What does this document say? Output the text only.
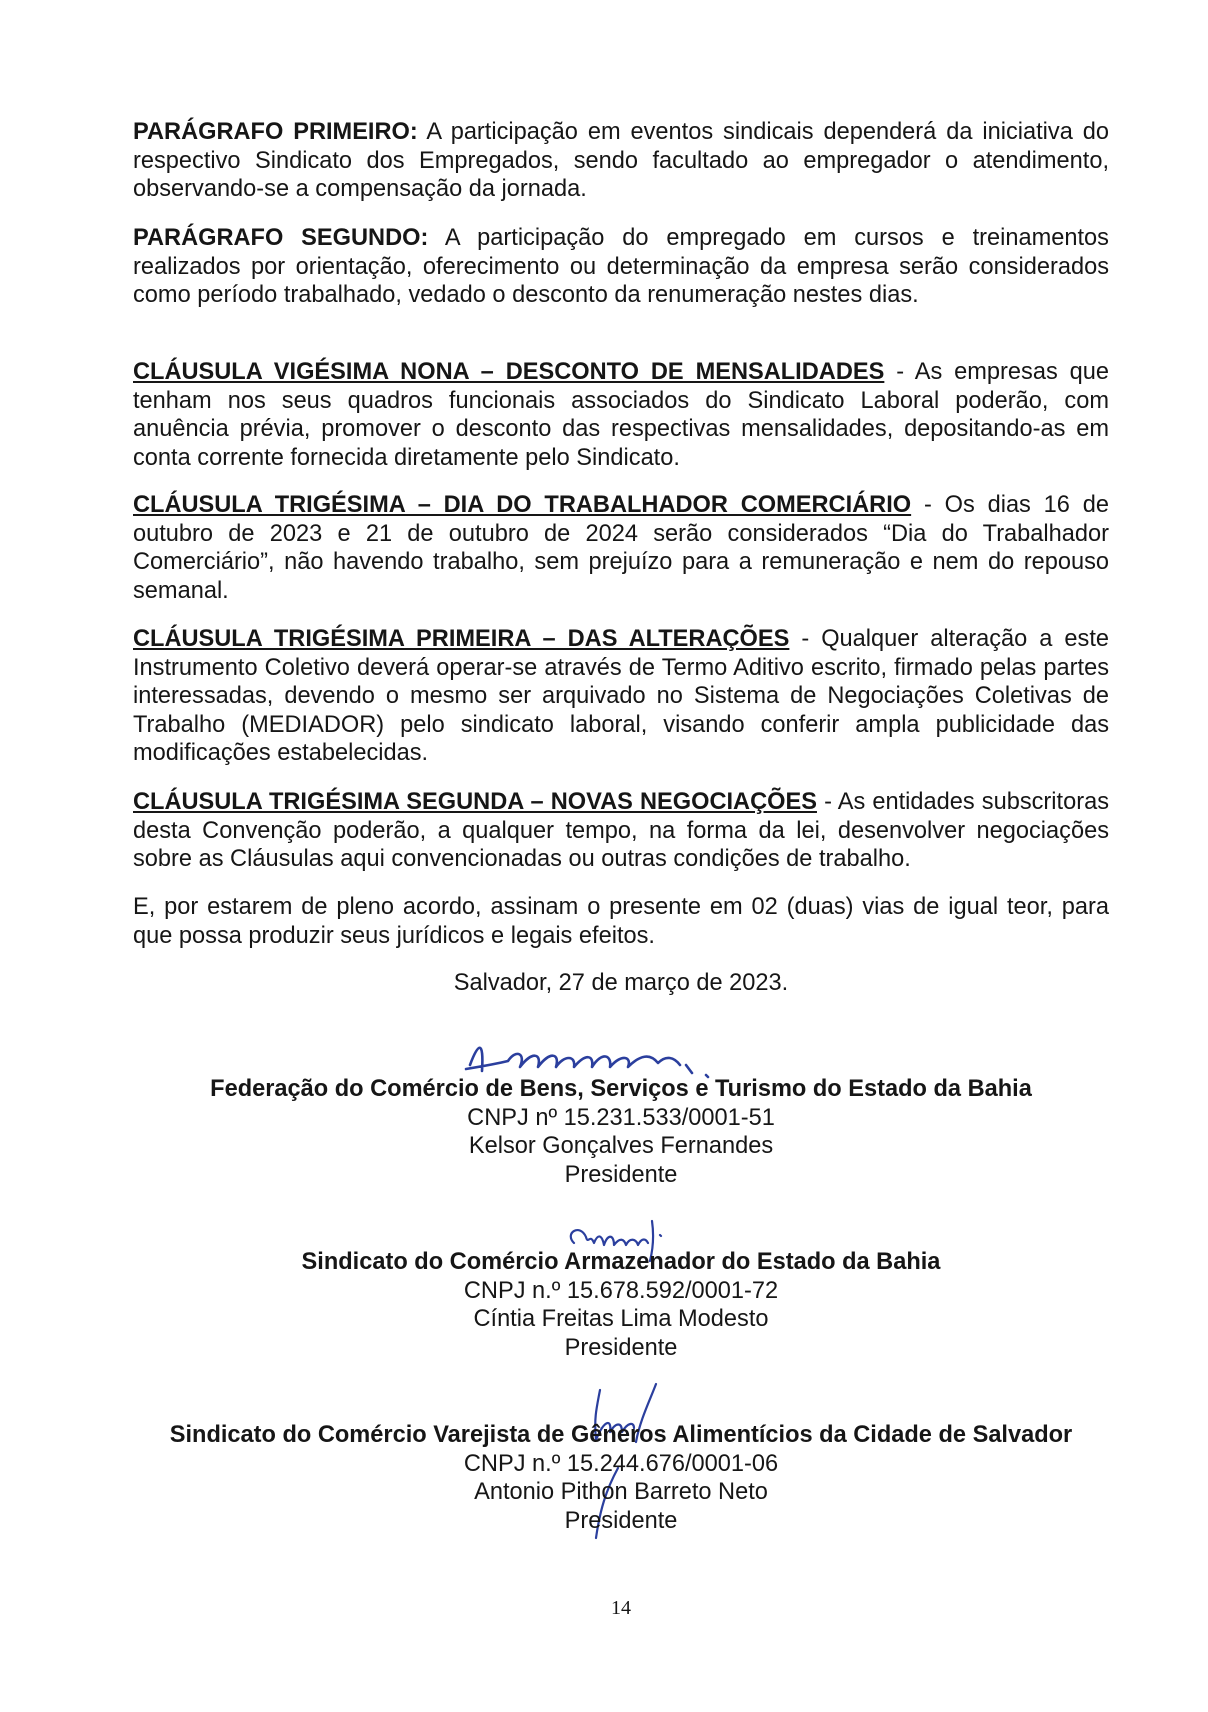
PARÁGRAFO PRIMEIRO: A participação em eventos sindicais dependerá da iniciativa do respectivo Sindicato dos Empregados, sendo facultado ao empregador o atendimento, observando-se a compensação da jornada.

PARÁGRAFO SEGUNDO: A participação do empregado em cursos e treinamentos realizados por orientação, oferecimento ou determinação da empresa serão considerados como período trabalhado, vedado o desconto da renumeração nestes dias.

CLÁUSULA VIGÉSIMA NONA – DESCONTO DE MENSALIDADES - As empresas que tenham nos seus quadros funcionais associados do Sindicato Laboral poderão, com anuência prévia, promover o desconto das respectivas mensalidades, depositando-as em conta corrente fornecida diretamente pelo Sindicato.

CLÁUSULA TRIGÉSIMA – DIA DO TRABALHADOR COMERCIÁRIO - Os dias 16 de outubro de 2023 e 21 de outubro de 2024 serão considerados “Dia do Trabalhador Comerciário”, não havendo trabalho, sem prejuízo para a remuneração e nem do repouso semanal.

CLÁUSULA TRIGÉSIMA PRIMEIRA – DAS ALTERAÇÕES - Qualquer alteração a este Instrumento Coletivo deverá operar-se através de Termo Aditivo escrito, firmado pelas partes interessadas, devendo o mesmo ser arquivado no Sistema de Negociações Coletivas de Trabalho (MEDIADOR) pelo sindicato laboral, visando conferir ampla publicidade das modificações estabelecidas.

CLÁUSULA TRIGÉSIMA SEGUNDA – NOVAS NEGOCIAÇÕES - As entidades subscritoras desta Convenção poderão, a qualquer tempo, na forma da lei, desenvolver negociações sobre as Cláusulas aqui convencionadas ou outras condições de trabalho.

E, por estarem de pleno acordo, assinam o presente em 02 (duas) vias de igual teor, para que possa produzir seus jurídicos e legais efeitos.

Salvador, 27 de março de 2023.

Federação do Comércio de Bens, Serviços e Turismo do Estado da Bahia
CNPJ nº 15.231.533/0001-51
Kelsor Gonçalves Fernandes
Presidente
Sindicato do Comércio Armazenador do Estado da Bahia
CNPJ n.º 15.678.592/0001-72
Cíntia Freitas Lima Modesto
Presidente
Sindicato do Comércio Varejista de Gêneros Alimentícios da Cidade de Salvador
CNPJ n.º 15.244.676/0001-06
Antonio Pithon Barreto Neto
Presidente
14
